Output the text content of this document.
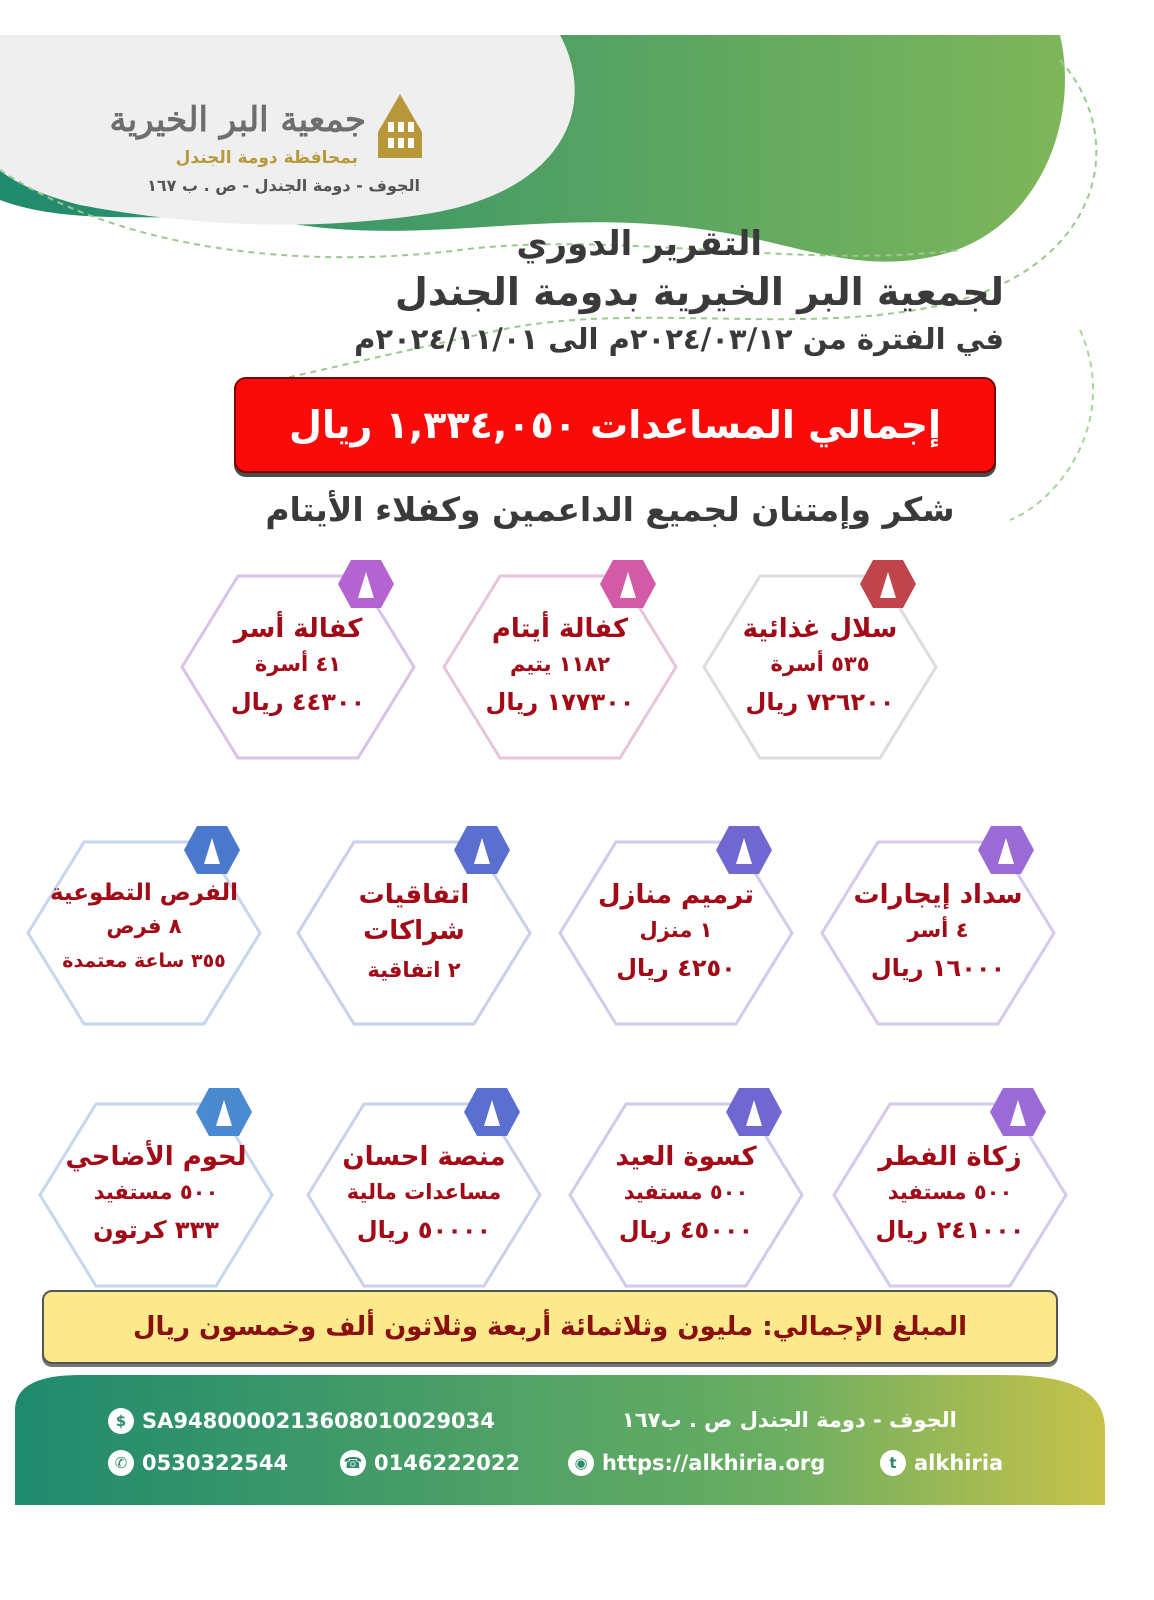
جمعية البر الخيرية
بمحافظة دومة الجندل
الجوف - دومة الجندل - ص . ب ١٦٧
التقرير الدوري
لجمعية البر الخيرية بدومة الجندل
في الفترة من ٢٠٢٤/٠٣/١٢م الى ٢٠٢٤/١١/٠١م
إجمالي المساعدات ١,٣٣٤,٠٥٠ ريال
شكر وإمتنان لجميع الداعمين وكفلاء الأيتام
سلال غذائية
٥٣٥ أسرة
٧٢٦٢٠٠ ريال
كفالة أيتام
١١٨٢ يتيم
١٧٧٣٠٠ ريال
كفالة أسر
٤١ أسرة
٤٤٣٠٠ ريال
سداد إيجارات
٤ أسر
١٦٠٠٠ ريال
ترميم منازل
١ منزل
٤٢٥٠ ريال
اتفاقيات
شراكات
٢ اتفاقية
الفرص التطوعية
٨ فرص
٣٥٥ ساعة معتمدة
زكاة الفطر
٥٠٠ مستفيد
٢٤١٠٠٠ ريال
كسوة العيد
٥٠٠ مستفيد
٤٥٠٠٠ ريال
منصة احسان
مساعدات مالية
٥٠٠٠٠ ريال
لحوم الأضاحي
٥٠٠ مستفيد
٣٣٣ كرتون
المبلغ الإجمالي: مليون وثلاثمائة أربعة وثلاثون ألف وخمسون ريال
$ SA9480000213608010029034	الجوف - دومة الجندل ص . ب١٦٧
✆ 0530322544	☎ 0146222022	◉ https://alkhiria.org	t alkhiria
